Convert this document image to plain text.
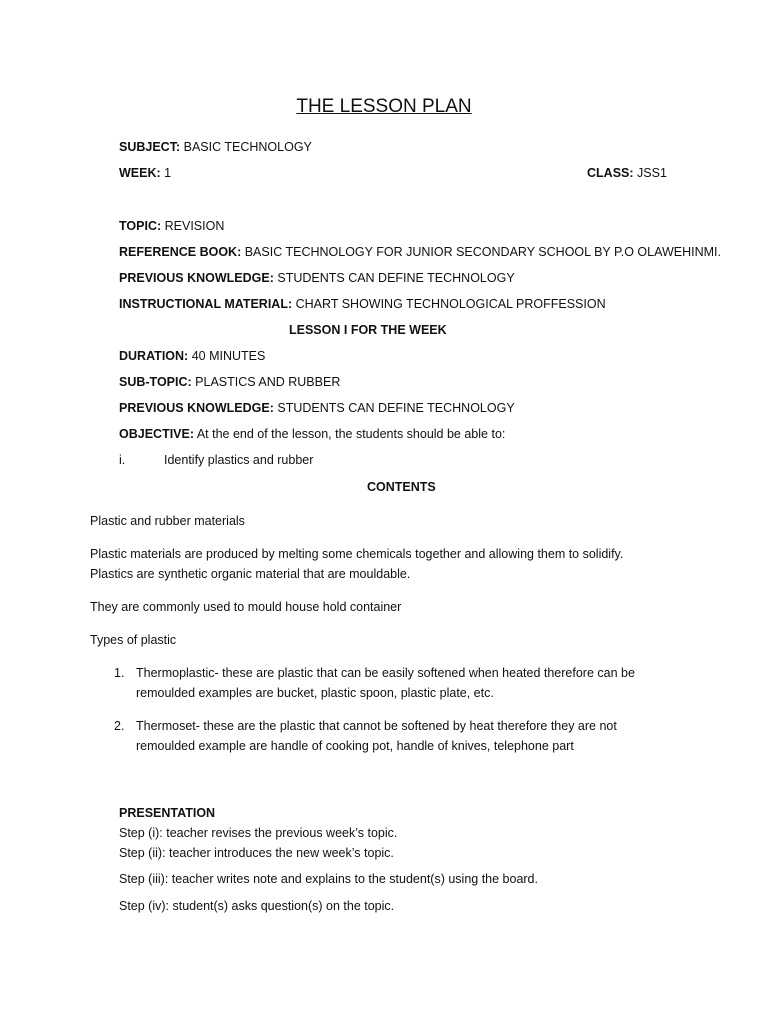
THE LESSON PLAN
SUBJECT: BASIC TECHNOLOGY
WEEK: 1	CLASS: JSS1
TOPIC: REVISION
REFERENCE BOOK: BASIC TECHNOLOGY FOR JUNIOR SECONDARY SCHOOL BY P.O OLAWEHINMI.
PREVIOUS KNOWLEDGE: STUDENTS CAN DEFINE TECHNOLOGY
INSTRUCTIONAL MATERIAL: CHART SHOWING TECHNOLOGICAL PROFFESSION
LESSON I FOR THE WEEK
DURATION: 40 MINUTES
SUB-TOPIC: PLASTICS AND RUBBER
PREVIOUS KNOWLEDGE: STUDENTS CAN DEFINE TECHNOLOGY
OBJECTIVE: At the end of the lesson, the students should be able to:
i.	Identify plastics and rubber
CONTENTS
Plastic and rubber materials
Plastic materials are produced by melting some chemicals together and allowing them to solidify.
Plastics are synthetic organic material that are mouldable.
They are commonly used to mould house hold container
Types of plastic
1. Thermoplastic- these are plastic that can be easily softened when heated therefore can be
remoulded examples are bucket, plastic spoon, plastic plate, etc.
2. Thermoset- these are the plastic that cannot be softened by heat therefore they are not
remoulded example are handle of cooking pot, handle of knives, telephone part
PRESENTATION
Step (i): teacher revises the previous week’s topic.
Step (ii): teacher introduces the new week’s topic.
Step (iii): teacher writes note and explains to the student(s) using the board.
Step (iv): student(s) asks question(s) on the topic.
